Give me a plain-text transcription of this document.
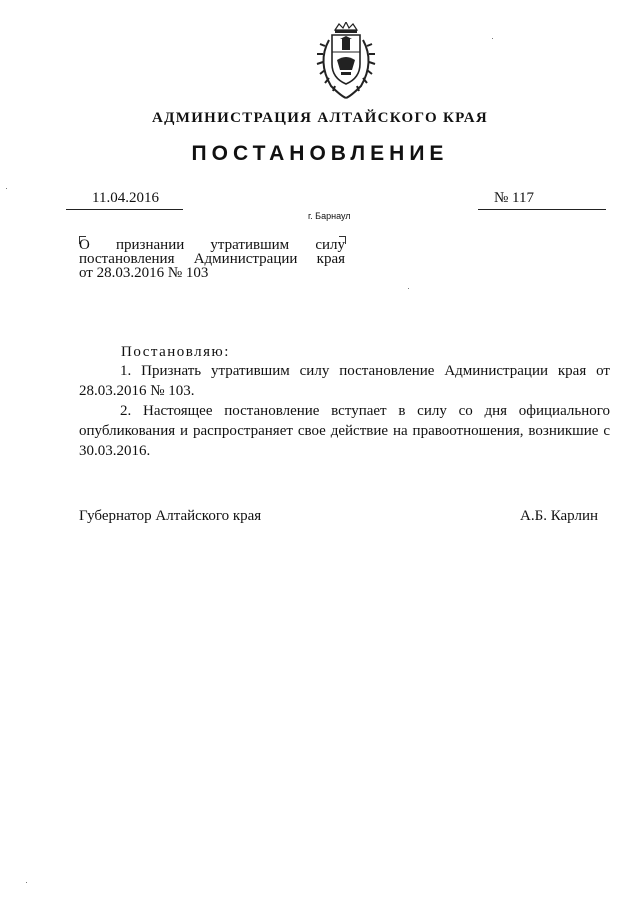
АДМИНИСТРАЦИЯ АЛТАЙСКОГО КРАЯ
ПОСТАНОВЛЕНИЕ
11.04.2016	№ 117
г. Барнаул
О признании утратившим силу
постановления Администрации края
от 28.03.2016 № 103
Постановляю:

1. Признать утратившим силу постановление Администрации края от 28.03.2016 № 103.

2. Настоящее постановление вступает в силу со дня официального опубликования и распространяет свое действие на правоотношения, возникшие с 30.03.2016.

Губернатор Алтайского края	А.Б. Карлин
